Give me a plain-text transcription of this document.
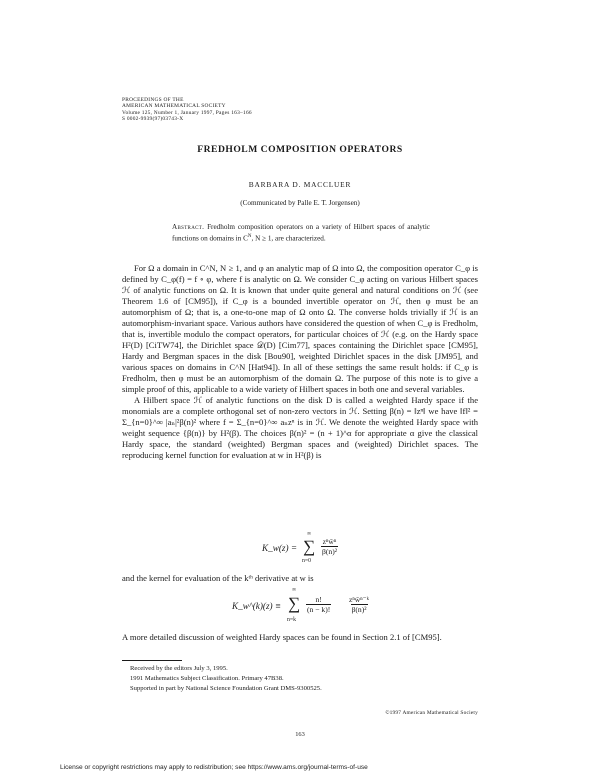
PROCEEDINGS OF THE
AMERICAN MATHEMATICAL SOCIETY
Volume 125, Number 1, January 1997, Pages 163–166
S 0002-9939(97)03743-X
FREDHOLM COMPOSITION OPERATORS
BARBARA D. MACCLUER
(Communicated by Palle E. T. Jorgensen)
Abstract. Fredholm composition operators on a variety of Hilbert spaces of analytic functions on domains in $C^N$, N ≥ 1, are characterized.

For Ω a domain in C^N, N ≥ 1, and φ an analytic map of Ω into Ω, the composition operator C_φ is defined by C_φ(f) = f ∘ φ, where f is analytic on Ω. We consider C_φ acting on various Hilbert spaces ℋ of analytic functions on Ω. It is known that under quite general and natural conditions on ℋ (see Theorem 1.6 of [CM95]), if C_φ is a bounded invertible operator on ℋ, then φ must be an automorphism of Ω; that is, a one-to-one map of Ω onto Ω. The converse holds trivially if ℋ is an automorphism-invariant space. Various authors have considered the question of when C_φ is Fredholm, that is, invertible modulo the compact operators, for particular choices of ℋ (e.g. on the Hardy space H²(D) [CiTW74], the Dirichlet space 𝒟(D) [Cim77], spaces containing the Dirichlet space [CM95], Hardy and Bergman spaces in the disk [Bou90], weighted Dirichlet spaces in the disk [JM95], and various spaces on domains in C^N [Hat94]). In all of these settings the same result holds: if C_φ is Fredholm, then φ must be an automorphism of the domain Ω. The purpose of this note is to give a simple proof of this, applicable to a wide variety of Hilbert spaces in both one and several variables.

A Hilbert space ℋ of analytic functions on the disk D is called a weighted Hardy space if the monomials are a complete orthogonal set of non-zero vectors in ℋ. Setting β(n) = ‖zⁿ‖ we have ‖f‖² = Σ_{n=0}^∞ |aₙ|²β(n)² where f = Σ_{n=0}^∞ aₙzⁿ is in ℋ. We denote the weighted Hardy space with weight sequence {β(n)} by H²(β). The choices β(n)² = (n + 1)^α for appropriate α give the classical Hardy space, the standard (weighted) Bergman spaces and (weighted) Dirichlet spaces. The reproducing kernel function for evaluation at w in H²(β) is

K_w(z) =
∞
∑
n=0
zⁿw̄ⁿ
β(n)²
and the kernel for evaluation of the kᵗʰ derivative at w is
K_w^(k)(z) ≡
∞
∑
n=k
$\frac{n!}{(n - k)!}$ zⁿw̄ⁿ⁻ᵏ
β(n)²
A more detailed discussion of weighted Hardy spaces can be found in Section 2.1 of [CM95].
Received by the editors July 3, 1995.
1991 Mathematics Subject Classification. Primary 47B38.
Supported in part by National Science Foundation Grant DMS-9300525.
©1997 American Mathematical Society
163
License or copyright restrictions may apply to redistribution; see https://www.ams.org/journal-terms-of-use
